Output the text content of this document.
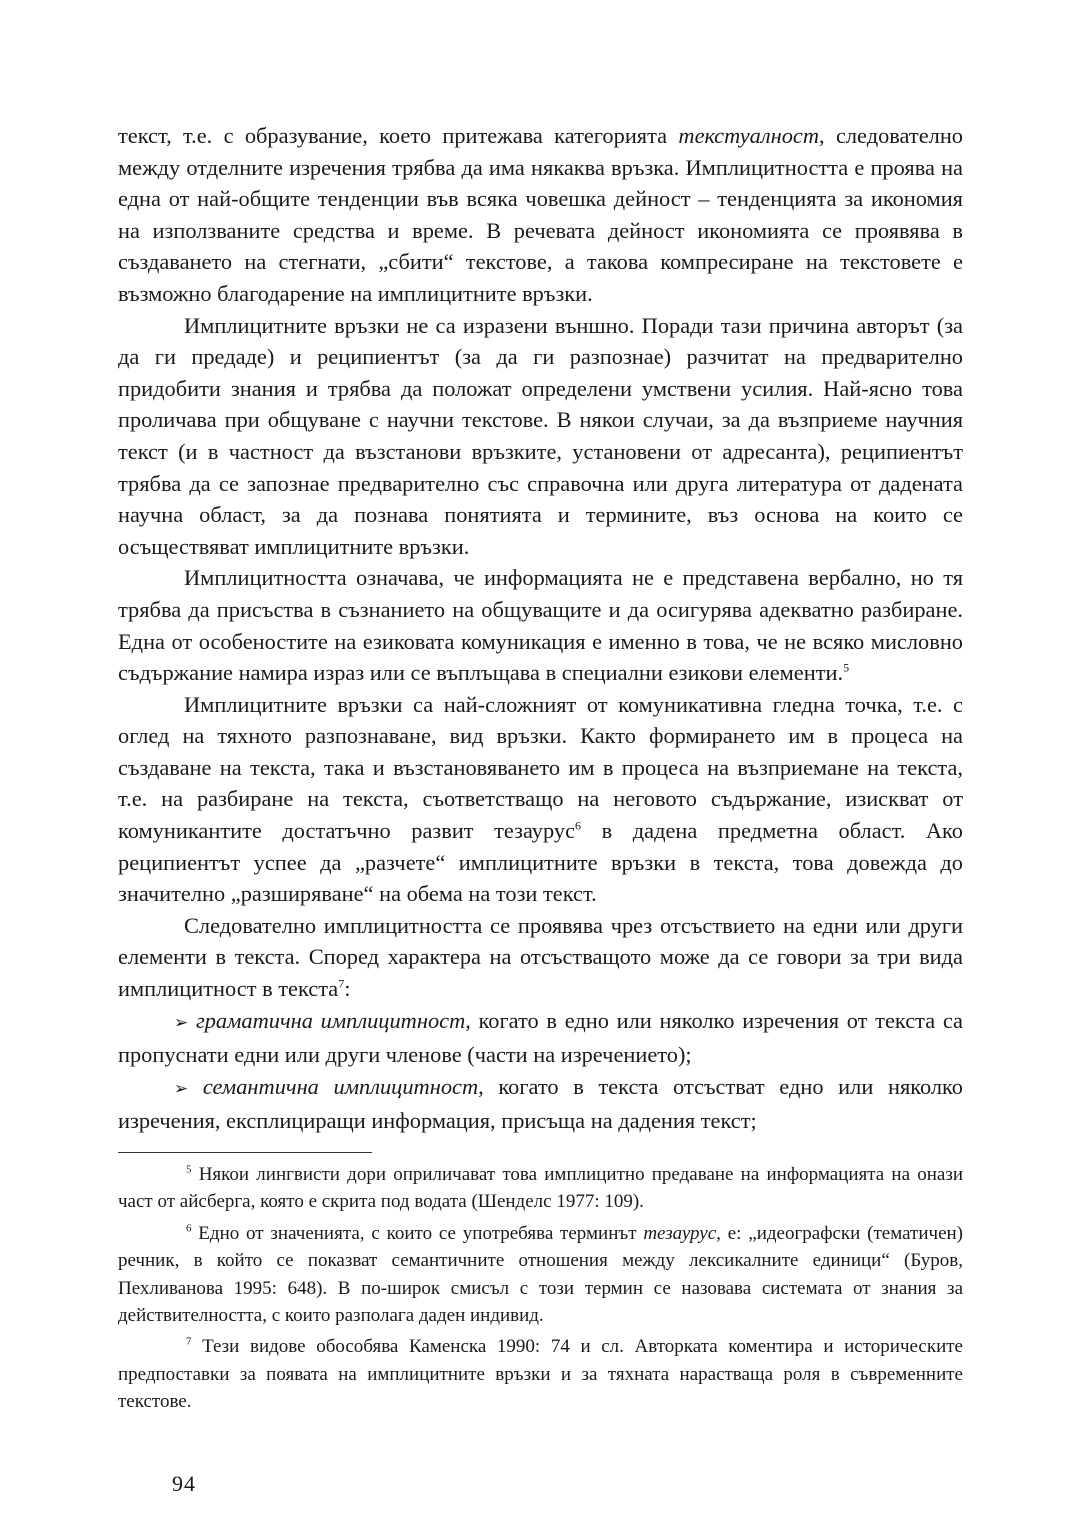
текст, т.е. с образувание, което притежава категорията текстуалност, следователно между отделните изречения трябва да има някаква връзка. Имплицитността е проява на една от най-общите тенденции във всяка човешка дейност – тенденцията за икономия на използваните средства и време. В речевата дейност икономията се проявява в създаването на стегнати, „сбити“ текстове, а такова компресиране на текстовете е възможно благодарение на имплицитните връзки.

Имплицитните връзки не са изразени външно. Поради тази причина авторът (за да ги предаде) и реципиентът (за да ги разпознае) разчитат на предварително придобити знания и трябва да положат определени умствени усилия. Най-ясно това проличава при общуване с научни текстове. В някои случаи, за да възприеме научния текст (и в частност да възстанови връзките, установени от адресанта), реципиентът трябва да се запознае предварително със справочна или друга литература от дадената научна област, за да познава понятията и термините, въз основа на които се осъществяват имплицитните връзки.

Имплицитността означава, че информацията не е представена вербално, но тя трябва да присъства в съзнанието на общуващите и да осигурява адекватно разбиране. Една от особеностите на езиковата комуникация е именно в това, че не всяко мисловно съдържание намира израз или се въплъщава в специални езикови елементи.$^5$

Имплицитните връзки са най-сложният от комуникативна гледна точка, т.е. с оглед на тяхното разпознаване, вид връзки. Както формирането им в процеса на създаване на текста, така и възстановяването им в процеса на възприемане на текста, т.е. на разбиране на текста, съответстващо на неговото съдържание, изискват от комуникантите достатъчно развит тезаурус$^6$ в дадена предметна област. Ако реципиентът успее да „разчете“ имплицитните връзки в текста, това довежда до значително „разширяване“ на обема на този текст.

Следователно имплицитността се проявява чрез отсъствието на едни или други елементи в текста. Според характера на отсъстващото може да се говори за три вида имплицитност в текста$^7$:

➢ граматична имплицитност, когато в едно или няколко изречения от текста са пропуснати едни или други членове (части на изречението);

➢ семантична имплицитност, когато в текста отсъстват едно или няколко изречения, експлициращи информация, присъща на дадения текст;

$^5$ Някои лингвисти дори оприличават това имплицитно предаване на информацията на онази част от айсберга, която е скрита под водата (Шенделс 1977: 109).

$^6$ Едно от значенията, с които се употребява терминът тезаурус, е: „идеографски (тематичен) речник, в който се показват семантичните отношения между лексикалните единици“ (Буров, Пехливанова 1995: 648). В по-широк смисъл с този термин се назовава системата от знания за действителността, с които разполага даден индивид.

$^7$ Тези видове обособява Каменска 1990: 74 и сл. Авторката коментира и историческите предпоставки за появата на имплицитните връзки и за тяхната нарастваща роля в съвременните текстове.

94
